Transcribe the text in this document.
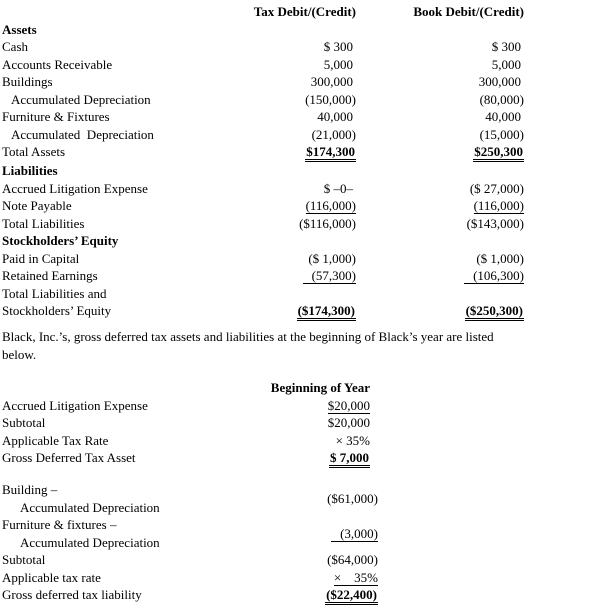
	Tax Debit/(Credit)	Book Debit/(Credit)
Assets		
Cash	$ 300	$ 300
Accounts Receivable	5,000	5,000
Buildings	300,000	300,000
Accumulated Depreciation	(150,000)	(80,000)
Furniture & Fixtures	40,000	40,000
Accumulated  Depreciation	(21,000)	(15,000)
Total Assets	$174,300	$250,300
Liabilities		
Accrued Litigation Expense	$ –0–	($ 27,000)
Note Payable	(116,000)	(116,000)
Total Liabilities	($116,000)	($143,000)
Stockholders’ Equity		
Paid in Capital	($ 1,000)	($ 1,000)
Retained Earnings	(57,300)	(106,300)
Total Liabilities and		
Stockholders’ Equity	($174,300)	($250,300)
Black, Inc.’s, gross deferred tax assets and liabilities at the beginning of Black’s year are listed
below.
	Beginning of Year
Accrued Litigation Expense	$20,000
Subtotal	$20,000
Applicable Tax Rate	× 35%
Gross Deferred Tax Asset	$ 7,000
Building –	($61,000)
Accumulated Depreciation	
Furniture & fixtures –	(3,000)
Accumulated Depreciation	
Subtotal	($64,000)
Applicable tax rate	×    35%
Gross deferred tax liability	($22,400)
